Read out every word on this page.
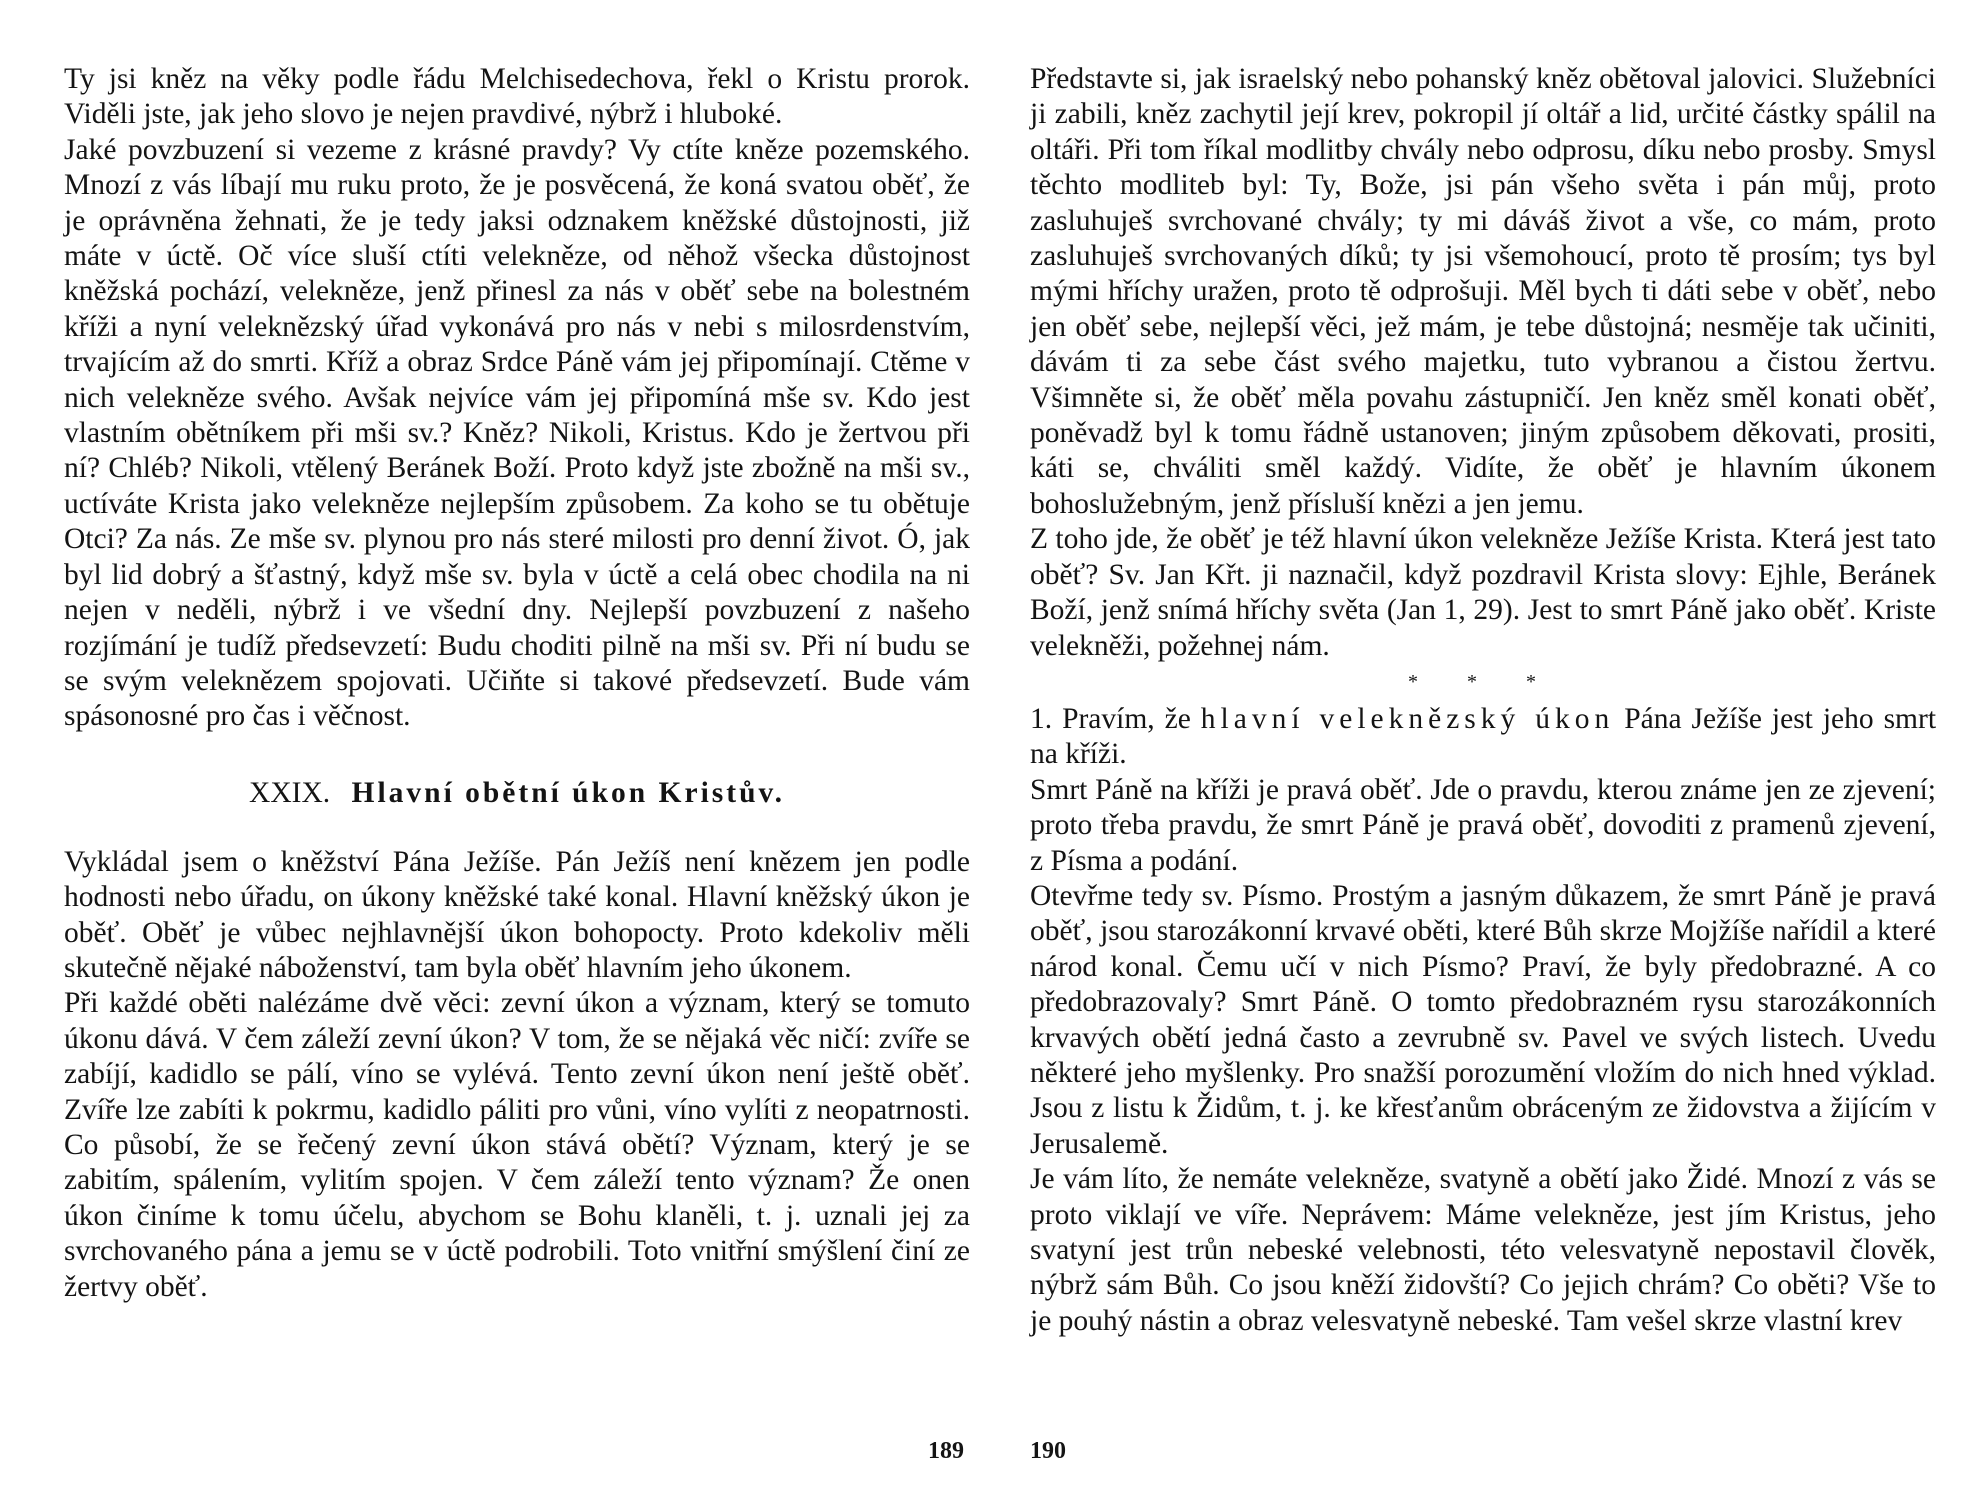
Ty jsi kněz na věky podle řádu Melchisedechova, řekl o Kristu prorok. Viděli jste, jak jeho slovo je nejen pravdivé, nýbrž i hluboké.

Jaké povzbuzení si vezeme z krásné pravdy? Vy ctíte kněze pozemského. Mnozí z vás líbají mu ruku proto, že je posvěcená, že koná svatou oběť, že je oprávněna žehnati, že je tedy jaksi odznakem kněžské důstojnosti, již máte v úctě. Oč více sluší ctíti velekněze, od něhož všecka důstojnost kněžská pochází, velekněze, jenž přinesl za nás v oběť sebe na bolestném kříži a nyní veleknězský úřad vykonává pro nás v nebi s milosrdenstvím, trvajícím až do smrti. Kříž a obraz Srdce Páně vám jej připomínají. Ctěme v nich velekněze svého. Avšak nejvíce vám jej připomíná mše sv. Kdo jest vlastním obětníkem při mši sv.? Kněz? Nikoli, Kristus. Kdo je žertvou při ní? Chléb? Nikoli, vtělený Beránek Boží. Proto když jste zbožně na mši sv., uctíváte Krista jako velekněze nejlepším způsobem. Za koho se tu obětuje Otci? Za nás. Ze mše sv. plynou pro nás steré milosti pro denní život. Ó, jak byl lid dobrý a šťastný, když mše sv. byla v úctě a celá obec chodila na ni nejen v neděli, nýbrž i ve všední dny. Nejlepší povzbuzení z našeho rozjímání je tudíž předsevzetí: Budu choditi pilně na mši sv. Při ní budu se se svým veleknězem spojovati. Učiňte si takové předsevzetí. Bude vám spásonosné pro čas i věčnost.

XXIX. Hlavní obětní úkon Kristův.

Vykládal jsem o kněžství Pána Ježíše. Pán Ježíš není knězem jen podle hodnosti nebo úřadu, on úkony kněžské také konal. Hlavní kněžský úkon je oběť. Oběť je vůbec nejhlavnější úkon bohopocty. Proto kdekoliv měli skutečně nějaké náboženství, tam byla oběť hlavním jeho úkonem.

Při každé oběti nalézáme dvě věci: zevní úkon a význam, který se tomuto úkonu dává. V čem záleží zevní úkon? V tom, že se nějaká věc ničí: zvíře se zabíjí, kadidlo se pálí, víno se vylévá. Tento zevní úkon není ještě oběť. Zvíře lze zabíti k pokrmu, kadidlo páliti pro vůni, víno vylíti z neopatrnosti. Co působí, že se řečený zevní úkon stává obětí? Význam, který je se zabitím, spálením, vylitím spojen. V čem záleží tento význam? Že onen úkon činíme k tomu účelu, abychom se Bohu klaněli, t. j. uznali jej za svrchovaného pána a jemu se v úctě podrobili. Toto vnitřní smýšlení činí ze žertvy oběť.

Představte si, jak israelský nebo pohanský kněz obětoval jalovici. Služebníci ji zabili, kněz zachytil její krev, pokropil jí oltář a lid, určité částky spálil na oltáři. Při tom říkal modlitby chvály nebo odprosu, díku nebo prosby. Smysl těchto modliteb byl: Ty, Bože, jsi pán všeho světa i pán můj, proto zasluhuješ svrchované chvály; ty mi dáváš život a vše, co mám, proto zasluhuješ svrchovaných díků; ty jsi všemohoucí, proto tě prosím; tys byl mými hříchy uražen, proto tě odprošuji. Měl bych ti dáti sebe v oběť, nebo jen oběť sebe, nejlepší věci, jež mám, je tebe důstojná; nesměje tak učiniti, dávám ti za sebe část svého majetku, tuto vybranou a čistou žertvu. Všimněte si, že oběť měla povahu zástupničí. Jen kněz směl konati oběť, poněvadž byl k tomu řádně ustanoven; jiným způsobem děkovati, prositi, káti se, chváliti směl každý. Vidíte, že oběť je hlavním úkonem bohoslužebným, jenž přísluší knězi a jen jemu.

Z toho jde, že oběť je též hlavní úkon velekněze Ježíše Krista. Která jest tato oběť? Sv. Jan Křt. ji naznačil, když pozdravil Krista slovy: Ejhle, Beránek Boží, jenž snímá hříchy světa (Jan 1, 29). Jest to smrt Páně jako oběť. Kriste velekněži, požehnej nám.

* * *

1. Pravím, že hlavní veleknězský úkon Pána Ježíše jest jeho smrt na kříži.

Smrt Páně na kříži je pravá oběť. Jde o pravdu, kterou známe jen ze zjevení; proto třeba pravdu, že smrt Páně je pravá oběť, dovoditi z pramenů zjevení, z Písma a podání.

Otevřme tedy sv. Písmo. Prostým a jasným důkazem, že smrt Páně je pravá oběť, jsou starozákonní krvavé oběti, které Bůh skrze Mojžíše nařídil a které národ konal. Čemu učí v nich Písmo? Praví, že byly předobrazné. A co předobrazovaly? Smrt Páně. O tomto předobrazném rysu starozákonních krvavých obětí jedná často a zevrubně sv. Pavel ve svých listech. Uvedu některé jeho myšlenky. Pro snažší porozumění vložím do nich hned výklad. Jsou z listu k Židům, t. j. ke křesťanům obráceným ze židovstva a žijícím v Jerusalemě.

Je vám líto, že nemáte velekněze, svatyně a obětí jako Židé. Mnozí z vás se proto viklají ve víře. Neprávem: Máme velekněze, jest jím Kristus, jeho svatyní jest trůn nebeské velebnosti, této velesvatyně nepostavil člověk, nýbrž sám Bůh. Co jsou kněží židovští? Co jejich chrám? Co oběti? Vše to je pouhý nástin a obraz velesvatyně nebeské. Tam vešel skrze vlastní krev

189	190
